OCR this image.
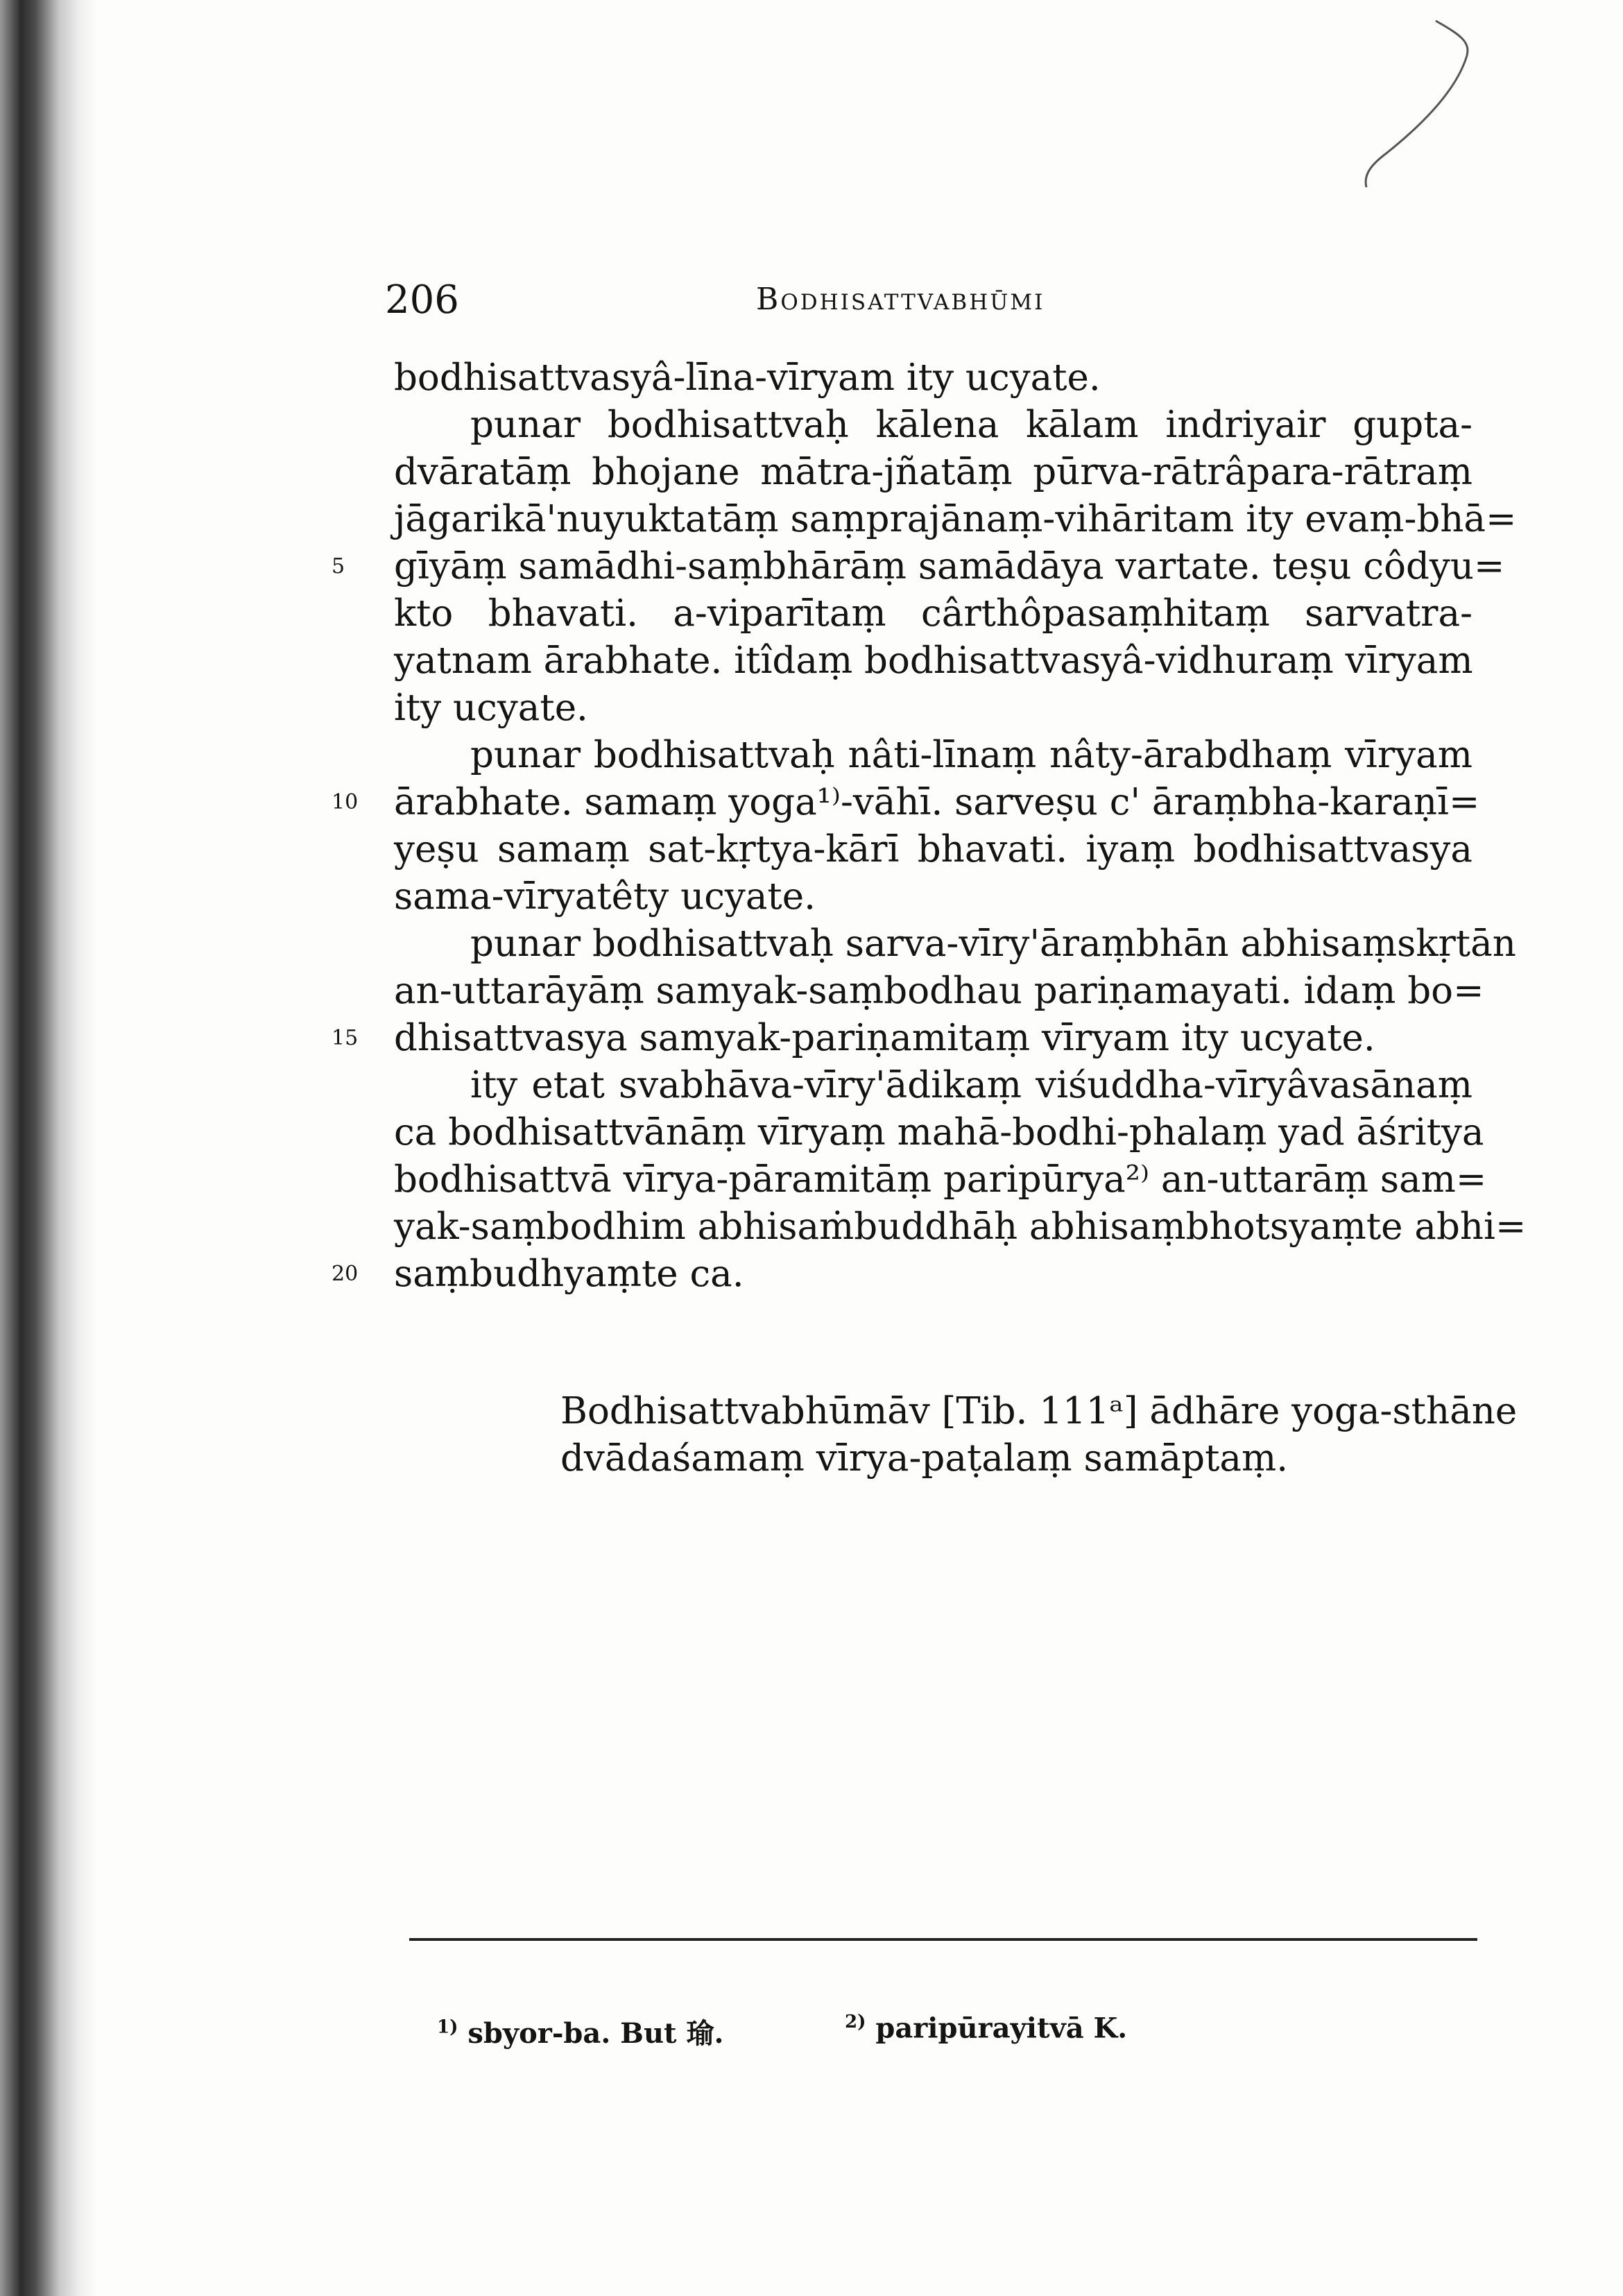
206	Bodhisattvabhūmi
bodhisattvasyâ-līna-vīryam ity ucyate.
punar bodhisattvaḥ kālena kālam indriyair gupta-
dvāratāṃ bhojane mātra-jñatāṃ pūrva-rātrâpara-rātraṃ
jāgarikā'nuyuktatāṃ saṃprajānaṃ-vihāritam ity evaṃ-bhā=
gīyāṃ samādhi-saṃbhārāṃ samādāya vartate. teṣu côdyu=
kto bhavati. a-viparītaṃ cârthôpasaṃhitaṃ sarvatra-
yatnam ārabhate. itîdaṃ bodhisattvasyâ-vidhuraṃ vīryam
ity ucyate.
punar bodhisattvaḥ nâti-līnaṃ nâty-ārabdhaṃ vīryam
ārabhate. samaṃ yoga¹⁾-vāhī. sarveṣu c' āraṃbha-karaṇī=
yeṣu samaṃ sat-kṛtya-kārī bhavati. iyaṃ bodhisattvasya
sama-vīryatêty ucyate.
punar bodhisattvaḥ sarva-vīry'āraṃbhān abhisaṃskṛtān
an-uttarāyāṃ samyak-saṃbodhau pariṇamayati. idaṃ bo=
dhisattvasya samyak-pariṇamitaṃ vīryam ity ucyate.
ity etat svabhāva-vīry'ādikaṃ viśuddha-vīryâvasānaṃ
ca bodhisattvānāṃ vīryaṃ mahā-bodhi-phalaṃ yad āśritya
bodhisattvā vīrya-pāramitāṃ paripūrya²⁾ an-uttarāṃ sam=
yak-saṃbodhim abhisaṁbuddhāḥ abhisaṃbhotsyaṃte abhi=
saṃbudhyaṃte ca.
5
10
15
20
Bodhisattvabhūmāv [Tib. 111ᵃ] ādhāre yoga-sthāne
dvādaśamaṃ vīrya-paṭalaṃ samāptaṃ.
$^{1)}$ sbyor-ba. But 瑜.	$^{2)}$ paripūrayitvā K.
